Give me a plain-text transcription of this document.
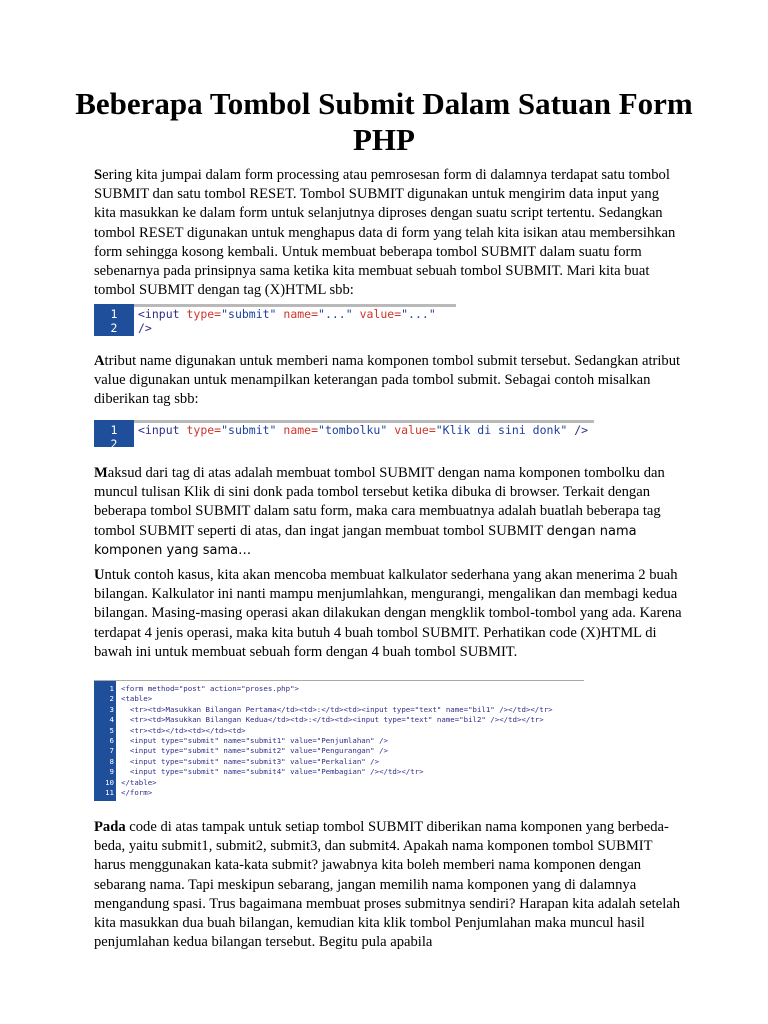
Beberapa Tombol Submit Dalam Satuan Form PHP

Sering kita jumpai dalam form processing atau pemrosesan form di dalamnya terdapat satu tombol SUBMIT dan satu tombol RESET. Tombol SUBMIT digunakan untuk mengirim data input yang kita masukkan ke dalam form untuk selanjutnya diproses dengan suatu script tertentu. Sedangkan tombol RESET digunakan untuk menghapus data di form yang telah kita isikan atau membersihkan form sehingga kosong kembali. Untuk membuat beberapa tombol SUBMIT dalam suatu form sebenarnya pada prinsipnya sama ketika kita membuat sebuah tombol SUBMIT. Mari kita buat tombol SUBMIT dengan tag (X)HTML sbb:

1
2
<input type="submit" name="..." value="..." />

Atribut name digunakan untuk memberi nama komponen tombol submit tersebut. Sedangkan atribut value digunakan untuk menampilkan keterangan pada tombol submit. Sebagai contoh misalkan diberikan tag sbb:

1
2
<input type="submit" name="tombolku" value="Klik di sini donk" />

Maksud dari tag di atas adalah membuat tombol SUBMIT dengan nama komponen tombolku dan muncul tulisan Klik di sini donk pada tombol tersebut ketika dibuka di browser. Terkait dengan beberapa tombol SUBMIT dalam satu form, maka cara membuatnya adalah buatlah beberapa tag tombol SUBMIT seperti di atas, dan ingat jangan membuat tombol SUBMIT dengan nama komponen yang sama…

Untuk contoh kasus, kita akan mencoba membuat kalkulator sederhana yang akan menerima 2 buah bilangan. Kalkulator ini nanti mampu menjumlahkan, mengurangi, mengalikan dan membagi kedua bilangan. Masing-masing operasi akan dilakukan dengan mengklik tombol-tombol yang ada. Karena terdapat 4 jenis operasi, maka kita butuh 4 buah tombol SUBMIT. Perhatikan code (X)HTML di bawah ini untuk membuat sebuah form dengan 4 buah tombol SUBMIT.

1 <form method="post" action="proses.php">
2 <table>
3 <tr><td>Masukkan Bilangan Pertama</td><td>:</td><td><input type="text" name="bil1" /></td></tr>
4 <tr><td>Masukkan Bilangan Kedua</td><td>:</td><td><input type="text" name="bil2" /></td></tr>
5 <tr><td></td><td></td><td>
6 <input type="submit" name="submit1" value="Penjumlahan" />
7 <input type="submit" name="submit2" value="Pengurangan" />
8 <input type="submit" name="submit3" value="Perkalian" />
9 <input type="submit" name="submit4" value="Pembagian" /></td></tr>
10 </table>
11 </form>

Pada code di atas tampak untuk setiap tombol SUBMIT diberikan nama komponen yang berbeda-beda, yaitu submit1, submit2, submit3, dan submit4. Apakah nama komponen tombol SUBMIT harus menggunakan kata-kata submit? jawabnya kita boleh memberi nama komponen dengan sebarang nama. Tapi meskipun sebarang, jangan memilih nama komponen yang di dalamnya mengandung spasi. Trus bagaimana membuat proses submitnya sendiri? Harapan kita adalah setelah kita masukkan dua buah bilangan, kemudian kita klik tombol Penjumlahan maka muncul hasil penjumlahan kedua bilangan tersebut. Begitu pula apabila
